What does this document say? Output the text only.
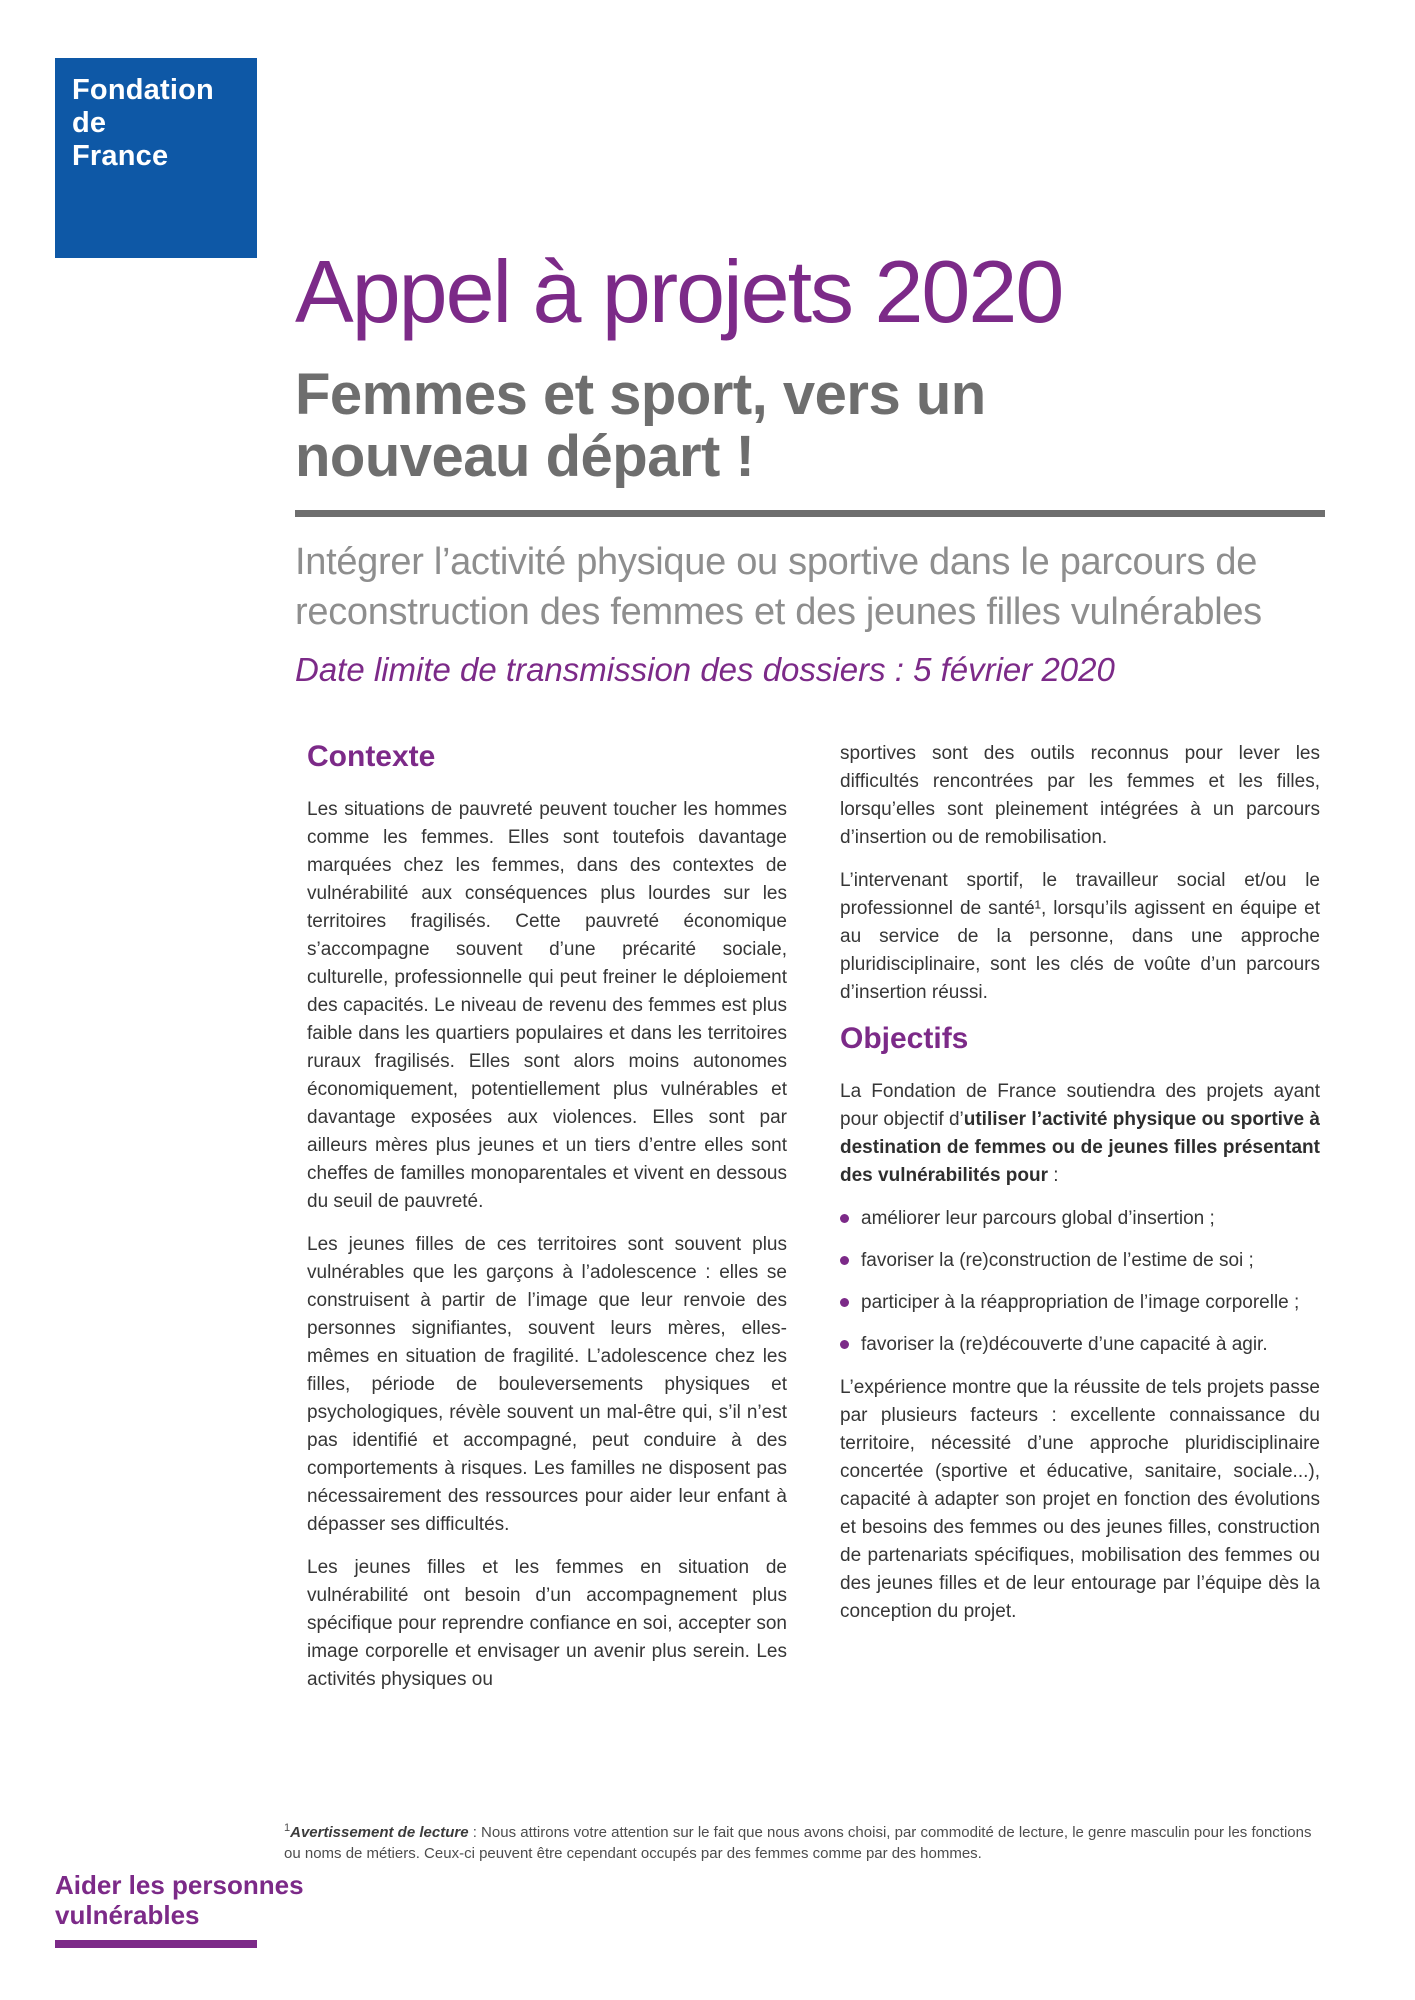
Fondation
de
France
Appel à projets 2020
Femmes et sport, vers un nouveau départ !
Intégrer l’activité physique ou sportive dans le parcours de reconstruction des femmes et des jeunes filles vulnérables
Date limite de transmission des dossiers : 5 février 2020
Contexte

Les situations de pauvreté peuvent toucher les hommes comme les femmes. Elles sont toutefois davantage marquées chez les femmes, dans des contextes de vulnérabilité aux conséquences plus lourdes sur les territoires fragilisés. Cette pauvreté économique s’accompagne souvent d’une précarité sociale, culturelle, professionnelle qui peut freiner le déploiement des capacités. Le niveau de revenu des femmes est plus faible dans les quartiers populaires et dans les territoires ruraux fragilisés. Elles sont alors moins autonomes économiquement, potentiellement plus vulnérables et davantage exposées aux violences. Elles sont par ailleurs mères plus jeunes et un tiers d’entre elles sont cheffes de familles monoparentales et vivent en dessous du seuil de pauvreté.

Les jeunes filles de ces territoires sont souvent plus vulnérables que les garçons à l’adolescence : elles se construisent à partir de l’image que leur renvoie des personnes signifiantes, souvent leurs mères, elles-mêmes en situation de fragilité. L’adolescence chez les filles, période de bouleversements physiques et psychologiques, révèle souvent un mal-être qui, s’il n’est pas identifié et accompagné, peut conduire à des comportements à risques. Les familles ne disposent pas nécessairement des ressources pour aider leur enfant à dépasser ses difficultés.

Les jeunes filles et les femmes en situation de vulnérabilité ont besoin d’un accompagnement plus spécifique pour reprendre confiance en soi, accepter son image corporelle et envisager un avenir plus serein. Les activités physiques ou

sportives sont des outils reconnus pour lever les difficultés rencontrées par les femmes et les filles, lorsqu’elles sont pleinement intégrées à un parcours d’insertion ou de remobilisation.

L’intervenant sportif, le travailleur social et/ou le professionnel de santé¹, lorsqu’ils agissent en équipe et au service de la personne, dans une approche pluridisciplinaire, sont les clés de voûte d’un parcours d’insertion réussi.

Objectifs

La Fondation de France soutiendra des projets ayant pour objectif d’utiliser l’activité physique ou sportive à destination de femmes ou de jeunes filles présentant des vulnérabilités pour :

améliorer leur parcours global d’insertion ;
favoriser la (re)construction de l’estime de soi ;
participer à la réappropriation de l’image corporelle ;
favoriser la (re)découverte d’une capacité à agir.

L’expérience montre que la réussite de tels projets passe par plusieurs facteurs : excellente connaissance du territoire, nécessité d’une approche pluridisciplinaire concertée (sportive et éducative, sanitaire, sociale...), capacité à adapter son projet en fonction des évolutions et besoins des femmes ou des jeunes filles, construction de partenariats spécifiques, mobilisation des femmes ou des jeunes filles et de leur entourage par l’équipe dès la conception du projet.

$^1$Avertissement de lecture : Nous attirons votre attention sur le fait que nous avons choisi, par commodité de lecture, le genre masculin pour les fonctions ou noms de métiers. Ceux-ci peuvent être cependant occupés par des femmes comme par des hommes.
Aider les personnes
vulnérables
